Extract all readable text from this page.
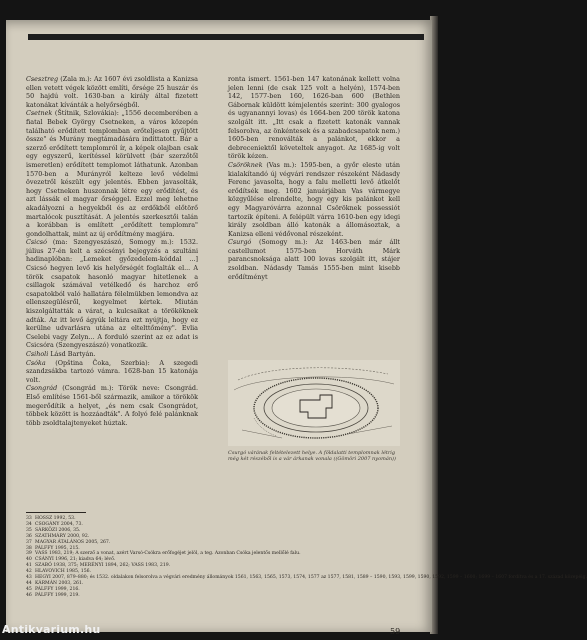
Csesztreg (Zala m.): Az 1607 évi zsoldlista a Kanizsa ellen vetett végek között említi, őrsége 25 huszár és 50 hajdú volt. 1630-ban a király által fizetett katonákat kívánták a helyőrségből.

Csetnek (Štítnik, Szlovákia): „1556 decemberében a fiatal Bebek György Csetneken, a város közepén található erődített templomban erőteljesen gyűjtött össze" és Murány megtámadására indíttatott. Bár a szerző erődített templomról ír, a képek olajban csak egy egyszerű, kerítéssel körülvett (bár szerzőtől ismeretlen) erődített templomot láthatunk. Azonban 1570-ben a Murányról kelteze levő védelmi övezetről készült egy jelentés. Ebben javasolták, hogy Csetneken huszonnak létre egy erődítést, és azt lássák el magyar őrséggel. Ezzel meg lehetne akadályozni a hegyekből és az erdőkből előtörő martalócok pusztítását. A jelentés szerkesztői talán a korábban is említett „erődített templomra" gondolhattak, mint az új erődítmény magjára.

Csicsó (ma: Szengyeszászó, Somogy m.): 1532. július 27-én kelt a szécsényi bejegyzés a szultáni hadinaplóban: „Lemeket győzedelem-kóddal ...] Csicsó hegyen levő kis helyőrségét foglalták el... A török csapatok hasonló magyar hitetlenek a csillagok számával vetélkedő és harchoz erő csapatokból való hallatára félelmükben lemondva az ellenszegülésről, kegyelmet kértek. Miután kiszolgáltatták a várat, a kulcsaikat a törököknek adták. Az itt levő ágyúk leltára ezt nyújtja, hogy ez kerülne udvarlásra utána az eltelttőmény". Evlia Cselebi vagy Zelyn... A forduló szerint az ez adat is Csicsóra (Szengyeszászó) vonatkozik.

Csiholi Lásd Bartyán.

Csóka (Opština Čoka, Szerbia): A szegedi szandzsákba tartozó vámra. 1628-ban 15 katonája volt.

Csongrád (Csongrád m.): Török neve: Csongrád. Első említése 1561-ből származik, amikor a törökök megerődítik a helyet, „és nem csak Csongrádot, többek között is hozzáadták". A folyó felé palánknak több zsoldtalajtenyeket húztak.

ronta ismert. 1561-ben 147 katonának kellett volna jelen lenni (de csak 125 volt a helyén), 1574-ben 142, 1577-ben 160, 1626-ban 600 (Bethlen Gábornak küldött kémjelentés szerint: 300 gyalogos és ugyanannyi lovas) és 1664-ben 200 török katona szolgált itt. „Itt csak a fizetett katonák vannak felsorolva, az önkéntesek és a szabadcsapatok nem.) 1605-ben renoválták a palánkot, ekkor a debreceniektől követeltek anyagot. Az 1685-ig volt török kézen.

Csöröknek (Vas m.): 1595-ben, a győr eleste után kialakítandó új végvári rendszer részeként Nádasdy Ferenc javasolta, hogy a falu melletti levő átkelőt erődítsék meg. 1602 januárjában Vas vármegye közgyűlése elrendelte, hogy egy kis palánkot kell egy Magyaróvárra azonnal Csöröknek possessiót tartozik építeni. A felépült várra 1610-ben egy idegi király zsoldban álló katonák a állomásoztak, a Kanizsa elleni védővonal részeként.

Csurgó (Somogy m.): Az 1463-ben már állt castellumot 1575-ben Horváth Márk parancsnoksága alatt 100 lovas szolgált itt, stájer zsoldban. Nádasdy Tamás 1555-ben mint kisebb erődítményt

Csurgó várának feltételezett helye. A földalatti templomnak létrig még két részéből is a vár árkanak vonala ((Gömöri 2007 nyomán))
33 HOSSZ 1992, 53.
34 CSOGÁNY 2004, 73.
35 SÁRKÖZI 2006, 35.
36 SZATHMÁRY 2000, 92.
37 MAGYAR ÁTALÁNOS 2005, 267.
38 PÁLFFY 1995, 215.
39 VASS 1983, 219; A szerző a vonat, azért Varsó-Csókra erőfogéjet jelöl, a teg. Azonban Csóka jelentős mellőlé falu.
40 CSÁNYI 1996, 21; kiadva 64; lévő.
41 SZABÓ 1938, 375; MERÉNYI 1894, 262; VASS 1983, 219.
42 HLAVOVICH 1985, 156.
43 HEGYI 2007, 879–880; és 1532. oldalakon felsorolva a végvári eredmény állományok 1561, 1563, 1565, 1573, 1574, 1577 az 1577, 1581, 1589 – 1590, 1593, 1599, 1590, 1592, 1599 – 1600; 1699 – 1607 fordítva és a 17. század közepéig.
44 KÁRMÁN 2003, 261.
45 PÁLFFY 1999, 216.
46 PÁLFFY 1999, 219.
59
Antikvarium.hu
